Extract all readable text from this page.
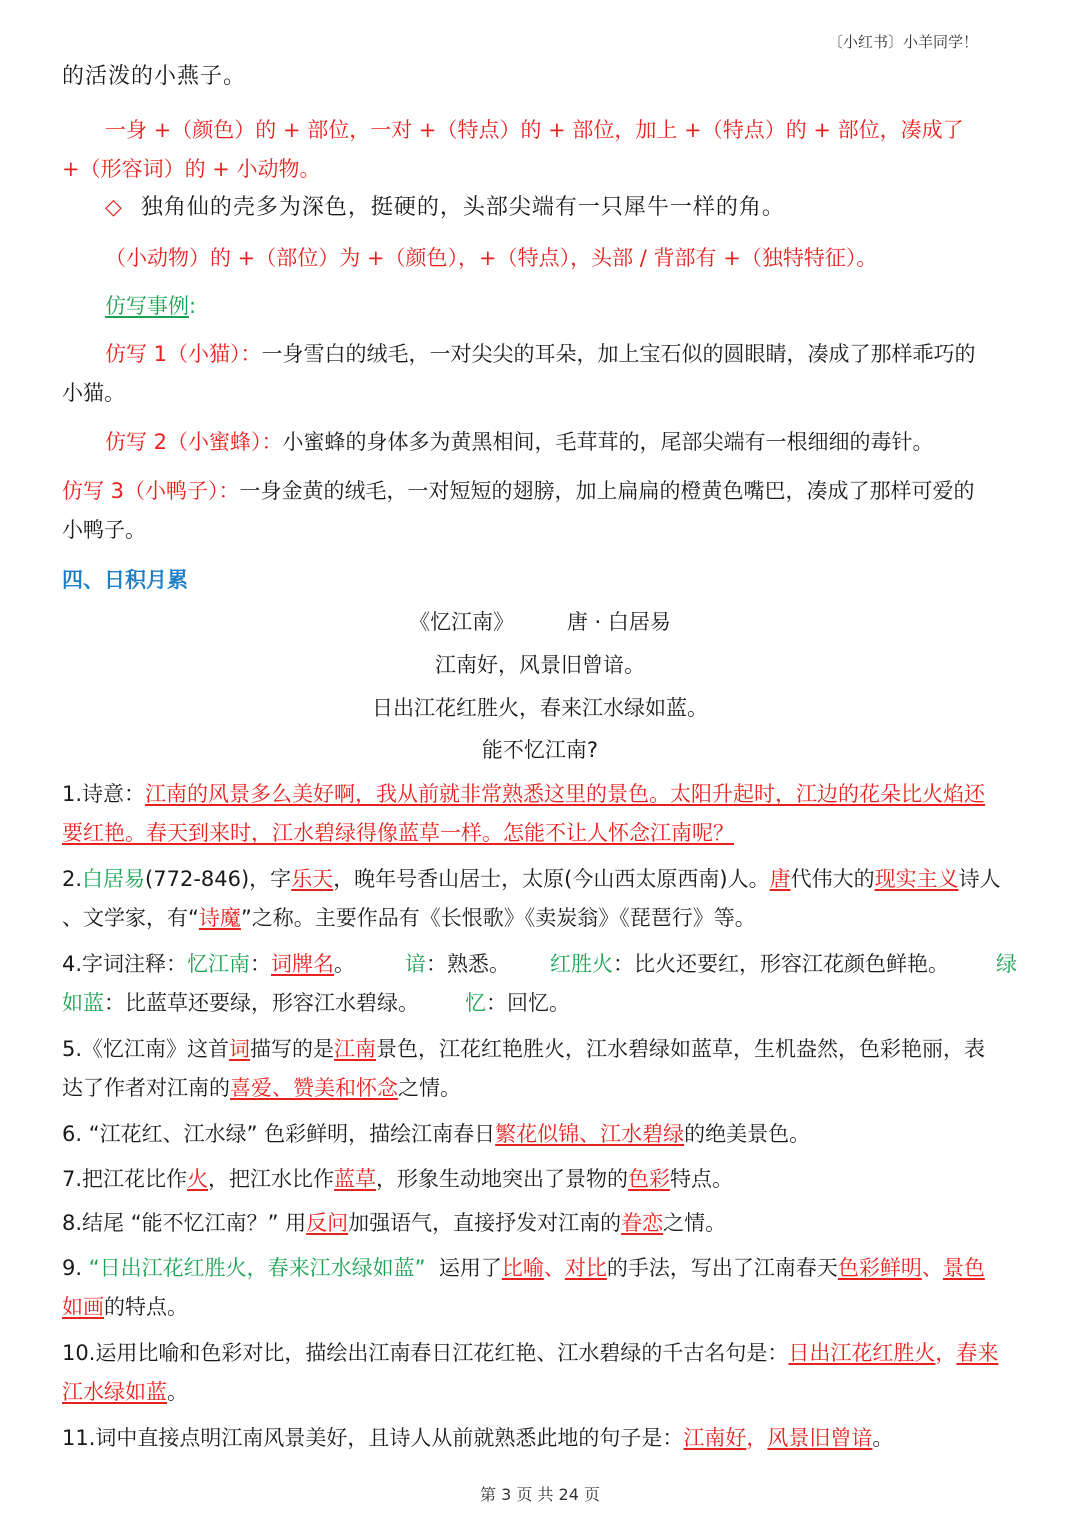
〔小红书〕小羊同学！
的活泼的小燕子。
一身 +（颜色）的 + 部位，一对 +（特点）的 + 部位，加上 +（特点）的 + 部位，凑成了
+（形容词）的 + 小动物。
◇ 独角仙的壳多为深色，挺硬的，头部尖端有一只犀牛一样的角。
（小动物）的 +（部位）为 +（颜色），+（特点），头部 / 背部有 +（独特特征）。
仿写事例:
仿写 1（小猫）：一身雪白的绒毛，一对尖尖的耳朵，加上宝石似的圆眼睛，凑成了那样乖巧的
小猫。
仿写 2（小蜜蜂）：小蜜蜂的身体多为黄黑相间，毛茸茸的，尾部尖端有一根细细的毒针。
仿写 3（小鸭子）：一身金黄的绒毛，一对短短的翅膀，加上扁扁的橙黄色嘴巴，凑成了那样可爱的
小鸭子。
四、日积月累
《忆江南》	唐 · 白居易
江南好，风景旧曾谙。
日出江花红胜火，春来江水绿如蓝。
能不忆江南?
1.诗意：江南的风景多么美好啊，我从前就非常熟悉这里的景色。太阳升起时，江边的花朵比火焰还
要红艳。春天到来时，江水碧绿得像蓝草一样。怎能不让人怀念江南呢？
2.白居易(772-846)，字乐天，晚年号香山居士，太原(今山西太原西南)人。唐代伟大的现实主义诗人
、文学家，有“诗魔”之称。主要作品有《长恨歌》《卖炭翁》《琵琶行》等。
4.字词注释：忆江南：词牌名。 谙：熟悉。 红胜火：比火还要红，形容江花颜色鲜艳。 绿
如蓝：比蓝草还要绿，形容江水碧绿。 忆：回忆。
5.《忆江南》这首词描写的是江南景色，江花红艳胜火，江水碧绿如蓝草，生机盎然，色彩艳丽，表
达了作者对江南的喜爱、赞美和怀念之情。
6. “江花红、江水绿” 色彩鲜明，描绘江南春日繁花似锦、江水碧绿的绝美景色。
7.把江花比作火，把江水比作蓝草，形象生动地突出了景物的色彩特点。
8.结尾 “能不忆江南？” 用反问加强语气，直接抒发对江南的眷恋之情。
9. “日出江花红胜火，春来江水绿如蓝”  运用了比喻、对比的手法，写出了江南春天色彩鲜明、景色
如画的特点。
10.运用比喻和色彩对比，描绘出江南春日江花红艳、江水碧绿的千古名句是：日出江花红胜火，春来
江水绿如蓝。
11.词中直接点明江南风景美好，且诗人从前就熟悉此地的句子是：江南好，风景旧曾谙。
第 3 页 共 24 页
